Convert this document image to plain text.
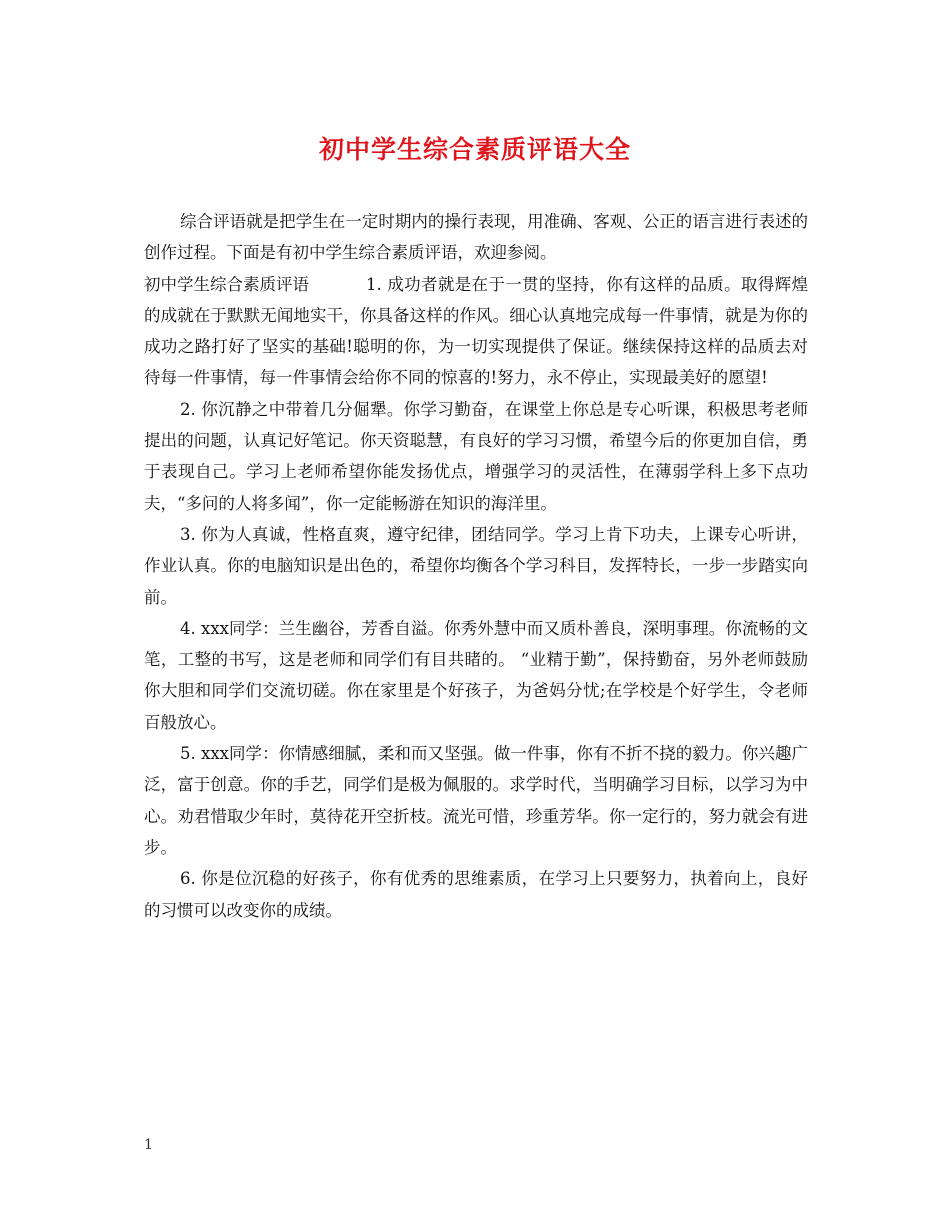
初中学生综合素质评语大全

综合评语就是把学生在一定时期内的操行表现，用准确、客观、公正的语言进行表述的创作过程。下面是有初中学生综合素质评语，欢迎参阅。

初中学生综合素质评语	1. 成功者就是在于一贯的坚持，你有这样的品质。取得辉煌的成就在于默默无闻地实干，你具备这样的作风。细心认真地完成每一件事情，就是为你的成功之路打好了坚实的基础!聪明的你，为一切实现提供了保证。继续保持这样的品质去对待每一件事情，每一件事情会给你不同的惊喜的!努力，永不停止，实现最美好的愿望!

2. 你沉静之中带着几分倔犟。你学习勤奋，在课堂上你总是专心听课，积极思考老师提出的问题，认真记好笔记。你天资聪慧，有良好的学习习惯，希望今后的你更加自信，勇于表现自己。学习上老师希望你能发扬优点，增强学习的灵活性，在薄弱学科上多下点功夫，“多问的人将多闻”，你一定能畅游在知识的海洋里。

3. 你为人真诚，性格直爽，遵守纪律，团结同学。学习上肯下功夫，上课专心听讲，作业认真。你的电脑知识是出色的，希望你均衡各个学习科目，发挥特长，一步一步踏实向前。

4. xxx同学：兰生幽谷，芳香自溢。你秀外慧中而又质朴善良，深明事理。你流畅的文笔，工整的书写，这是老师和同学们有目共睹的。 “业精于勤”，保持勤奋，另外老师鼓励你大胆和同学们交流切磋。你在家里是个好孩子，为爸妈分忧;在学校是个好学生，令老师百般放心。

5. xxx同学：你情感细腻，柔和而又坚强。做一件事，你有不折不挠的毅力。你兴趣广泛，富于创意。你的手艺，同学们是极为佩服的。求学时代，当明确学习目标，以学习为中心。劝君惜取少年时，莫待花开空折枝。流光可惜，珍重芳华。你一定行的，努力就会有进步。

6. 你是位沉稳的好孩子，你有优秀的思维素质，在学习上只要努力，执着向上，良好的习惯可以改变你的成绩。

1
